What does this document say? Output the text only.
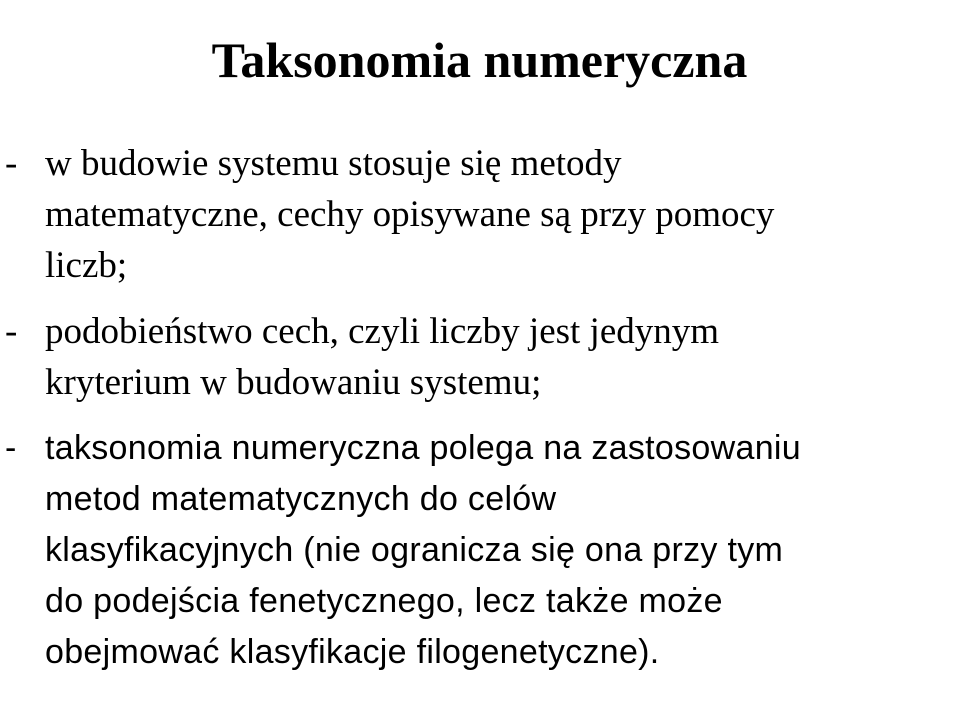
Taksonomia numeryczna
- w budowie systemu stosuje się metody
matematyczne, cechy opisywane są przy pomocy
liczb;
- podobieństwo cech, czyli liczby jest jedynym
kryterium w budowaniu systemu;
- taksonomia numeryczna polega na zastosowaniu
metod matematycznych do celów
klasyfikacyjnych (nie ogranicza się ona przy tym
do podejścia fenetycznego, lecz także może
obejmować klasyfikacje filogenetyczne).
